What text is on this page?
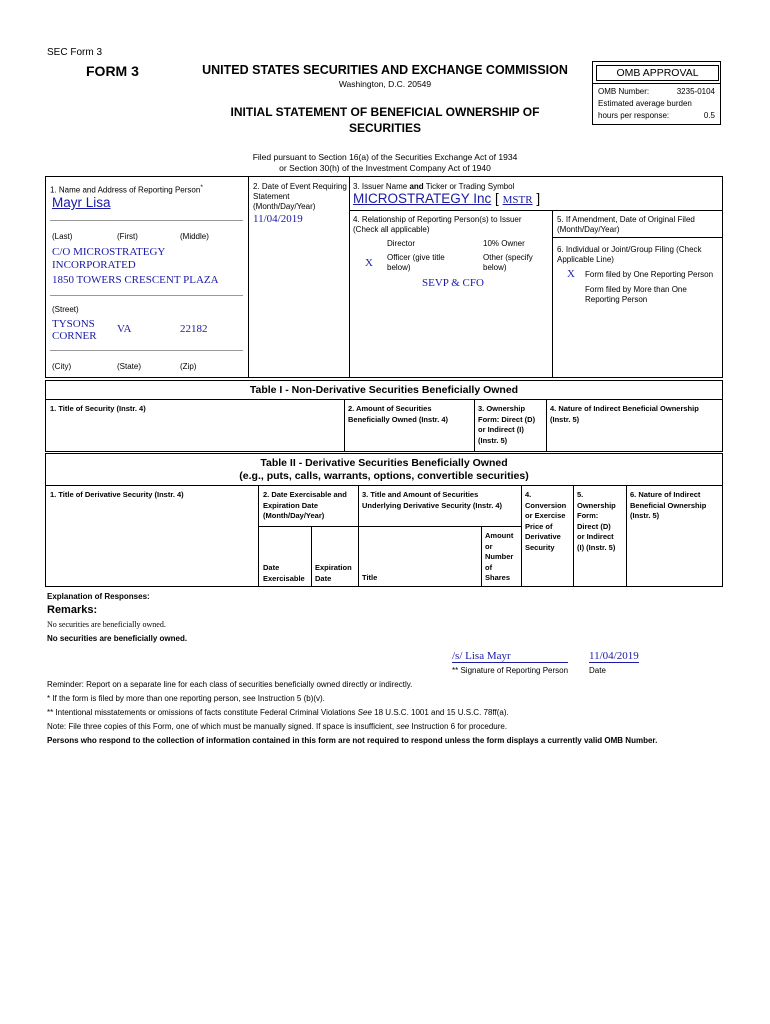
SEC Form 3
FORM 3	UNITED STATES SECURITIES AND EXCHANGE COMMISSION
Washington, D.C. 20549
INITIAL STATEMENT OF BENEFICIAL OWNERSHIP OF
SECURITIES
Filed pursuant to Section 16(a) of the Securities Exchange Act of 1934
or Section 30(h) of the Investment Company Act of 1940
OMB APPROVAL
OMB Number:	3235-0104
Estimated average burden
hours per response:	0.5
1. Name and Address of Reporting Person*
Mayr Lisa
(Last)	(First)	(Middle)
C/O MICROSTRATEGY
INCORPORATED
1850 TOWERS CRESCENT PLAZA
(Street)
TYSONS
CORNER
VA	22182
(City)	(State)	(Zip)
2. Date of Event Requiring
Statement
(Month/Day/Year)
11/04/2019
3. Issuer Name and Ticker or Trading Symbol
MICROSTRATEGY Inc [ MSTR ]
4. Relationship of Reporting Person(s) to Issuer
(Check all applicable)
Director	10% Owner
X Officer (give title
below)
Other (specify
below)
SEVP & CFO
5. If Amendment, Date of Original Filed
(Month/Day/Year)
6. Individual or Joint/Group Filing (Check
Applicable Line)
X Form filed by One Reporting Person
Form filed by More than One
Reporting Person
Table I - Non-Derivative Securities Beneficially Owned
1. Title of Security (Instr. 4)	2. Amount of Securities
Beneficially Owned (Instr. 4)
3. Ownership
Form: Direct (D)
or Indirect (I)
(Instr. 5)
4. Nature of Indirect Beneficial Ownership
(Instr. 5)
Table II - Derivative Securities Beneficially Owned
(e.g., puts, calls, warrants, options, convertible securities)
1. Title of Derivative Security (Instr. 4)	2. Date Exercisable and
Expiration Date
(Month/Day/Year)
3. Title and Amount of Securities
Underlying Derivative Security (Instr. 4)
4.
Conversion
or Exercise
Price of
Derivative
Security
5.
Ownership
Form:
Direct (D)
or Indirect
(I) (Instr. 5)
6. Nature of Indirect
Beneficial Ownership
(Instr. 5)
Date
Exercisable
Expiration
Date	Title
Amount
or
Number
of
Shares
Explanation of Responses:
Remarks:
No securities are beneficially owned.
No securities are beneficially owned.
/s/ Lisa Mayr	11/04/2019
** Signature of Reporting Person	Date
Reminder: Report on a separate line for each class of securities beneficially owned directly or indirectly.
* If the form is filed by more than one reporting person, see Instruction 5 (b)(v).
** Intentional misstatements or omissions of facts constitute Federal Criminal Violations See 18 U.S.C. 1001 and 15 U.S.C. 78ff(a).
Note: File three copies of this Form, one of which must be manually signed. If space is insufficient, see Instruction 6 for procedure.
Persons who respond to the collection of information contained in this form are not required to respond unless the form displays a currently valid OMB Number.
